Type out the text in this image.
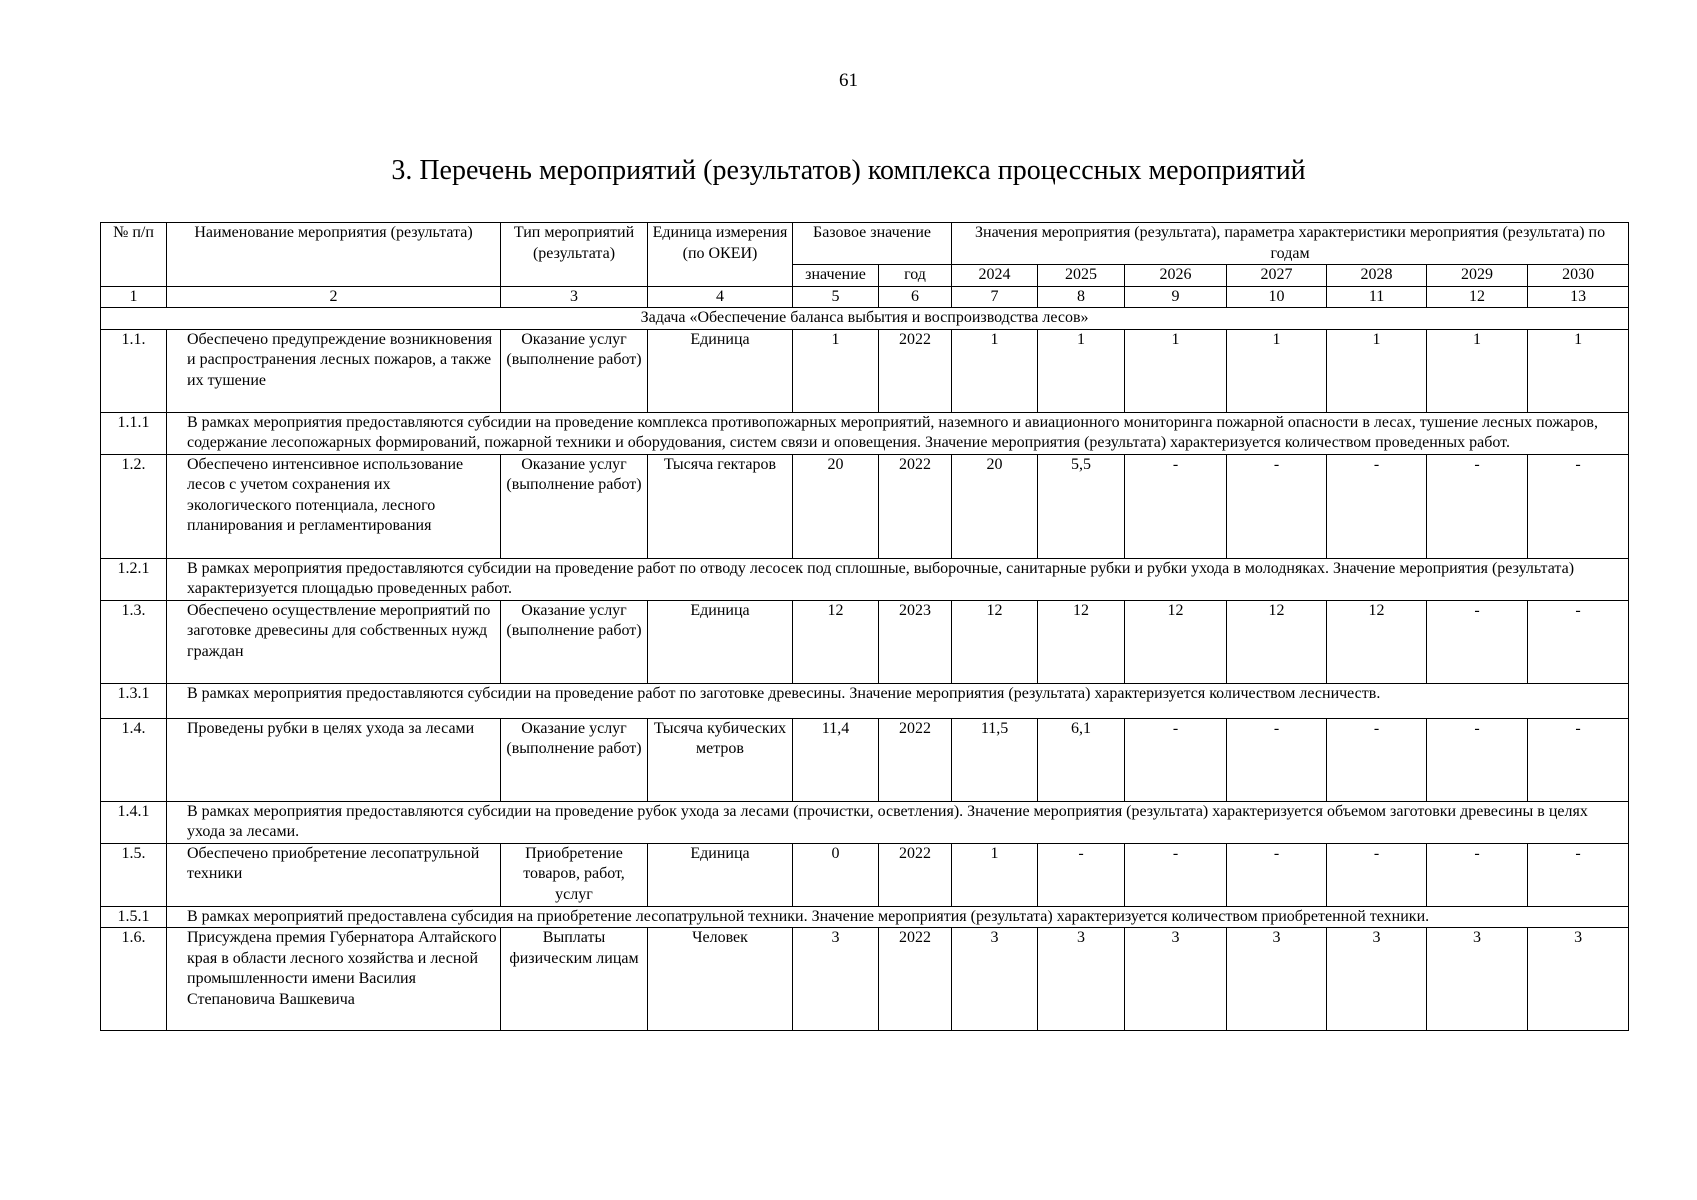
61
3. Перечень мероприятий (результатов) комплекса процессных мероприятий
№ п/п	Наименование мероприятия (результата)	Тип мероприятий (результата)	Единица измерения (по ОКЕИ)	Базовое значение		Значения мероприятия (результата), параметра характеристики мероприятия (результата) по годам						
				значение	год	2024	2025	2026	2027	2028	2029	2030
1	2	3	4	5	6	7	8	9	10	11	12	13
Задача «Обеспечение баланса выбытия и воспроизводства лесов»												
1.1.	Обеспечено предупреждение возникновения и распространения лесных пожаров, а также их тушение	Оказание услуг (выполнение работ)	Единица	1	2022	1	1	1	1	1	1	1
1.1.1	В рамках мероприятия предоставляются субсидии на проведение комплекса противопожарных мероприятий, наземного и авиационного мониторинга пожарной опасности в лесах, тушение лесных пожаров, содержание лесопожарных формирований, пожарной техники и оборудования, систем связи и оповещения. Значение мероприятия (результата) характеризуется количеством проведенных работ.											
1.2.	Обеспечено интенсивное использование лесов с учетом сохранения их экологического потенциала, лесного планирования и регламентирования	Оказание услуг (выполнение работ)	Тысяча гектаров	20	2022	20	5,5	-	-	-	-	-
1.2.1	В рамках мероприятия предоставляются субсидии на проведение работ по отводу лесосек под сплошные, выборочные, санитарные рубки и рубки ухода в молодняках. Значение мероприятия (результата) характеризуется площадью проведенных работ.											
1.3.	Обеспечено осуществление мероприятий по заготовке древесины для собственных нужд граждан	Оказание услуг (выполнение работ)	Единица	12	2023	12	12	12	12	12	-	-
1.3.1	В рамках мероприятия предоставляются субсидии на проведение работ по заготовке древесины. Значение мероприятия (результата) характеризуется количеством лесничеств.											
1.4.	Проведены рубки в целях ухода за лесами	Оказание услуг (выполнение работ)	Тысяча кубических метров	11,4	2022	11,5	6,1	-	-	-	-	-
1.4.1	В рамках мероприятия предоставляются субсидии на проведение рубок ухода за лесами (прочистки, осветления). Значение мероприятия (результата) характеризуется объемом заготовки древесины в целях ухода за лесами.											
1.5.	Обеспечено приобретение лесопатрульной техники	Приобретение товаров, работ, услуг	Единица	0	2022	1	-	-	-	-	-	-
1.5.1	В рамках мероприятий предоставлена субсидия на приобретение лесопатрульной техники. Значение мероприятия (результата) характеризуется количеством приобретенной техники.											
1.6.	Присуждена премия Губернатора Алтайского края в области лесного хозяйства и лесной промышленности имени Василия Степановича Вашкевича	Выплаты физическим лицам	Человек	3	2022	3	3	3	3	3	3	3
